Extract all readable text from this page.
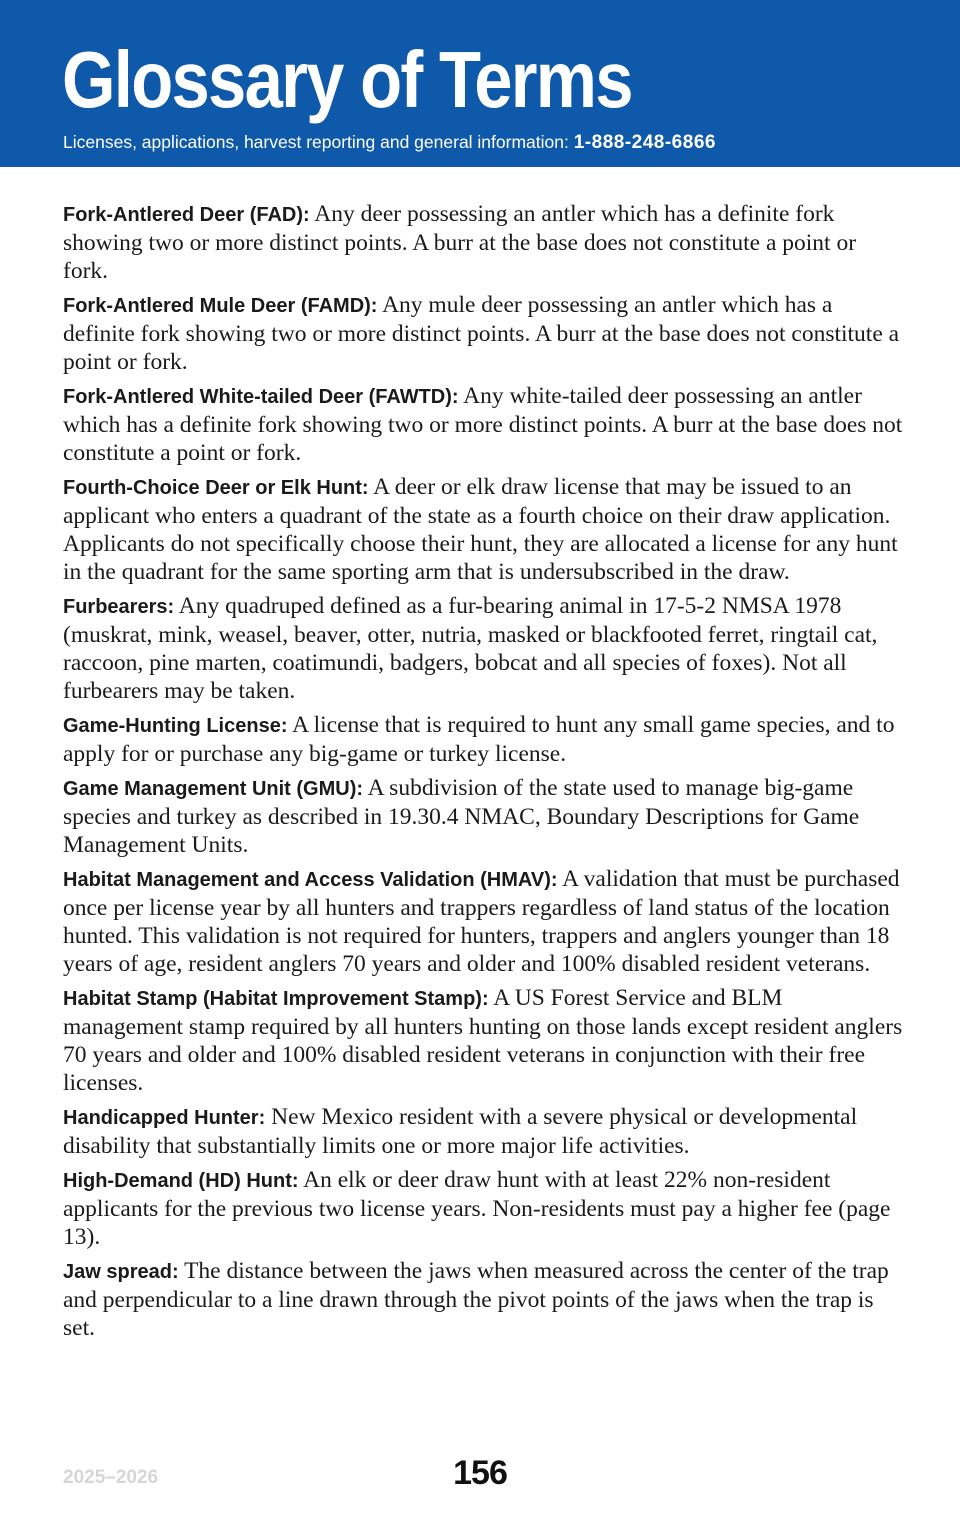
Glossary of Terms
Licenses, applications, harvest reporting and general information: 1-888-248-6866

Fork-Antlered Deer (FAD): Any deer possessing an antler which has a definite fork showing two or more distinct points. A burr at the base does not constitute a point or fork.

Fork-Antlered Mule Deer (FAMD): Any mule deer possessing an antler which has a definite fork showing two or more distinct points. A burr at the base does not constitute a point or fork.

Fork-Antlered White-tailed Deer (FAWTD): Any white-tailed deer possessing an antler which has a definite fork showing two or more distinct points. A burr at the base does not constitute a point or fork.

Fourth-Choice Deer or Elk Hunt: A deer or elk draw license that may be issued to an applicant who enters a quadrant of the state as a fourth choice on their draw application. Applicants do not specifically choose their hunt, they are allocated a license for any hunt in the quadrant for the same sporting arm that is undersubscribed in the draw.

Furbearers: Any quadruped defined as a fur-bearing animal in 17-5-2 NMSA 1978 (muskrat, mink, weasel, beaver, otter, nutria, masked or blackfooted ferret, ringtail cat, raccoon, pine marten, coatimundi, badgers, bobcat and all species of foxes). Not all furbearers may be taken.

Game-Hunting License: A license that is required to hunt any small game species, and to apply for or purchase any big-game or turkey license.

Game Management Unit (GMU): A subdivision of the state used to manage big-game species and turkey as described in 19.30.4 NMAC, Boundary Descriptions for Game Management Units.

Habitat Management and Access Validation (HMAV): A validation that must be purchased once per license year by all hunters and trappers regardless of land status of the location hunted. This validation is not required for hunters, trappers and anglers younger than 18 years of age, resident anglers 70 years and older and 100% disabled resident veterans.

Habitat Stamp (Habitat Improvement Stamp): A US Forest Service and BLM management stamp required by all hunters hunting on those lands except resident anglers 70 years and older and 100% disabled resident veterans in conjunction with their free licenses.

Handicapped Hunter: New Mexico resident with a severe physical or developmental disability that substantially limits one or more major life activities.

High-Demand (HD) Hunt: An elk or deer draw hunt with at least 22% non-resident applicants for the previous two license years. Non-residents must pay a higher fee (page 13).

Jaw spread: The distance between the jaws when measured across the center of the trap and perpendicular to a line drawn through the pivot points of the jaws when the trap is set.

2025–2026	156
